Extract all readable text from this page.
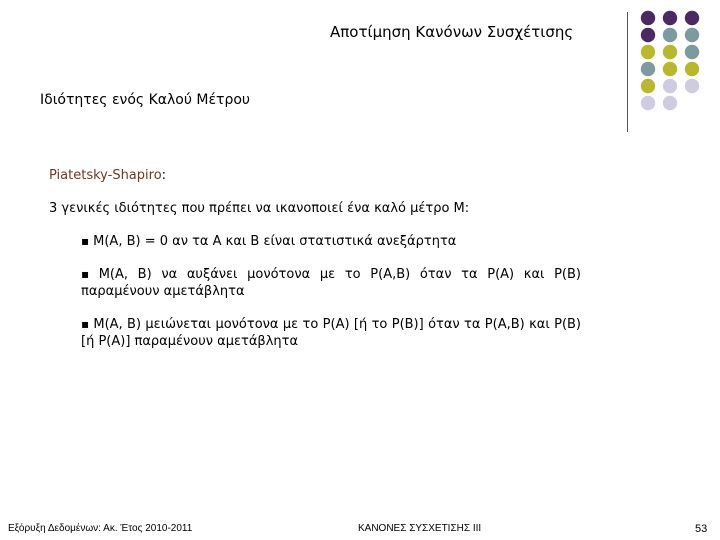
Αποτίμηση Κανόνων Συσχέτισης
Ιδιότητες ενός Καλού Μέτρου
Piatetsky-Shapiro:
3 γενικές ιδιότητες που πρέπει να ικανοποιεί ένα καλό μέτρο M:
▪ M(A, B) = 0 αν τα A και B είναι στατιστικά ανεξάρτητα
▪ M(A, B) να αυξάνει μονότονα με το P(A,B) όταν τα P(A) και P(B) παραμένουν αμετάβλητα
▪ M(A, B) μειώνεται μονότονα με το P(A) [ή το P(B)] όταν τα P(A,B) και P(B) [ή P(A)] παραμένουν αμετάβλητα
Εξόρυξη Δεδομένων: Ακ. Έτος 2010-2011	ΚΑΝΟΝΕΣ ΣΥΣΧΕΤΙΣΗΣ ΙΙΙ	53
